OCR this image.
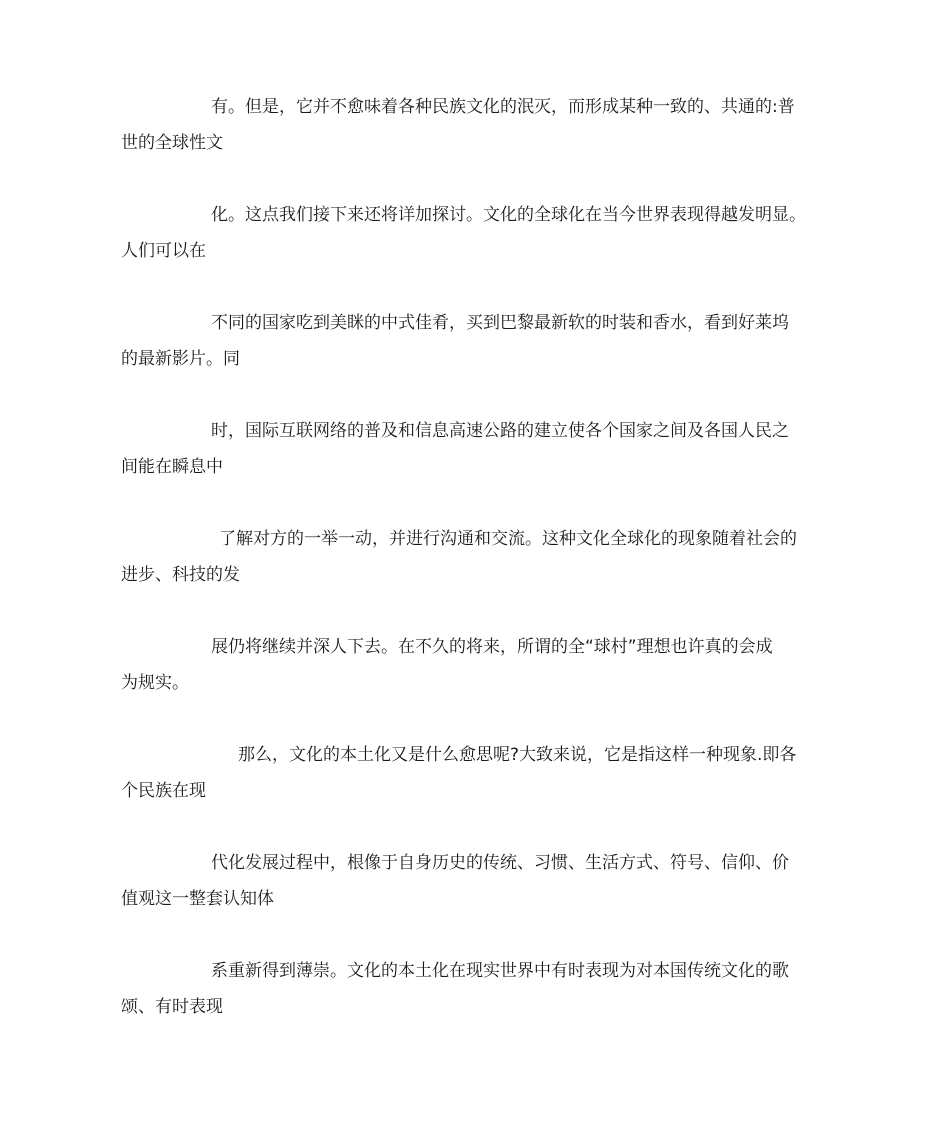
有。但是，它并不愈味着各种民族文化的泯灭，而形成某种一致的、共通的:普
世的全球性文

化。这点我们接下来还将详加探讨。文化的全球化在当今世界表现得越发明显。
人们可以在

不同的国家吃到美眯的中式佳肴，买到巴黎最新软的时装和香水，看到好莱坞
的最新影片。同

时，国际互联网络的普及和信息高速公路的建立使各个国家之间及各国人民之
间能在瞬息中

了解对方的一举一动，并进行沟通和交流。这种文化全球化的现象随着社会的
进步、科技的发

展仍将继续并深人下去。在不久的将来，所谓的全“球村”理想也许真的会成
为规实。

那么，文化的本土化又是什么愈思呢?大致来说，它是指这样一种现象.即各
个民族在现

代化发展过程中，根像于自身历史的传统、习惯、生活方式、符号、信仰、价
值观这一整套认知体

系重新得到薄崇。文化的本土化在现实世界中有时表现为对本国传统文化的歌
颂、有时表现
